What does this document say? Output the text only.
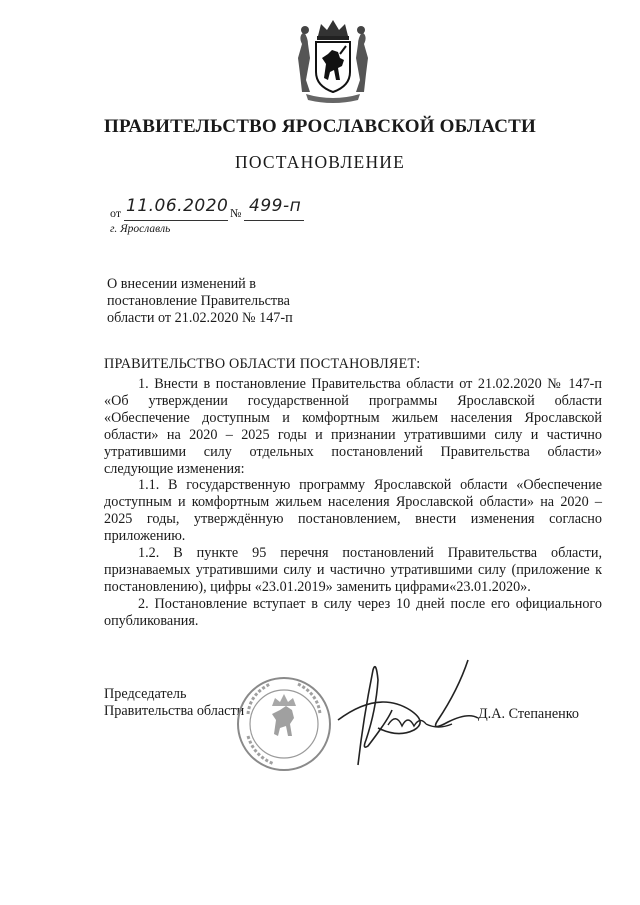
ПРАВИТЕЛЬСТВО ЯРОСЛАВСКОЙ ОБЛАСТИ
ПОСТАНОВЛЕНИЕ
от 11.06.2020 № 499-п
г. Ярославль
О внесении изменений в
постановление Правительства
области от 21.02.2020 № 147-п
ПРАВИТЕЛЬСТВО ОБЛАСТИ ПОСТАНОВЛЯЕТ:

1. Внести в постановление Правительства области от 21.02.2020 № 147-п «Об утверждении государственной программы Ярославской области «Обеспечение доступным и комфортным жильем населения Ярославской области» на 2020 – 2025 годы и признании утратившими силу и частично утратившими силу отдельных постановлений Правительства области» следующие изменения:

1.1. В государственную программу Ярославской области «Обеспечение доступным и комфортным жильем населения Ярославской области» на 2020 – 2025 годы, утверждённую постановлением, внести изменения согласно приложению.

1.2. В пункте 95 перечня постановлений Правительства области, признаваемых утратившими силу и частично утратившими силу (приложение к постановлению), цифры «23.01.2019» заменить цифрами«23.01.2020».

2. Постановление вступает в силу через 10 дней после его официального опубликования.

Председатель
Правительства области	Д.А. Степаненко
